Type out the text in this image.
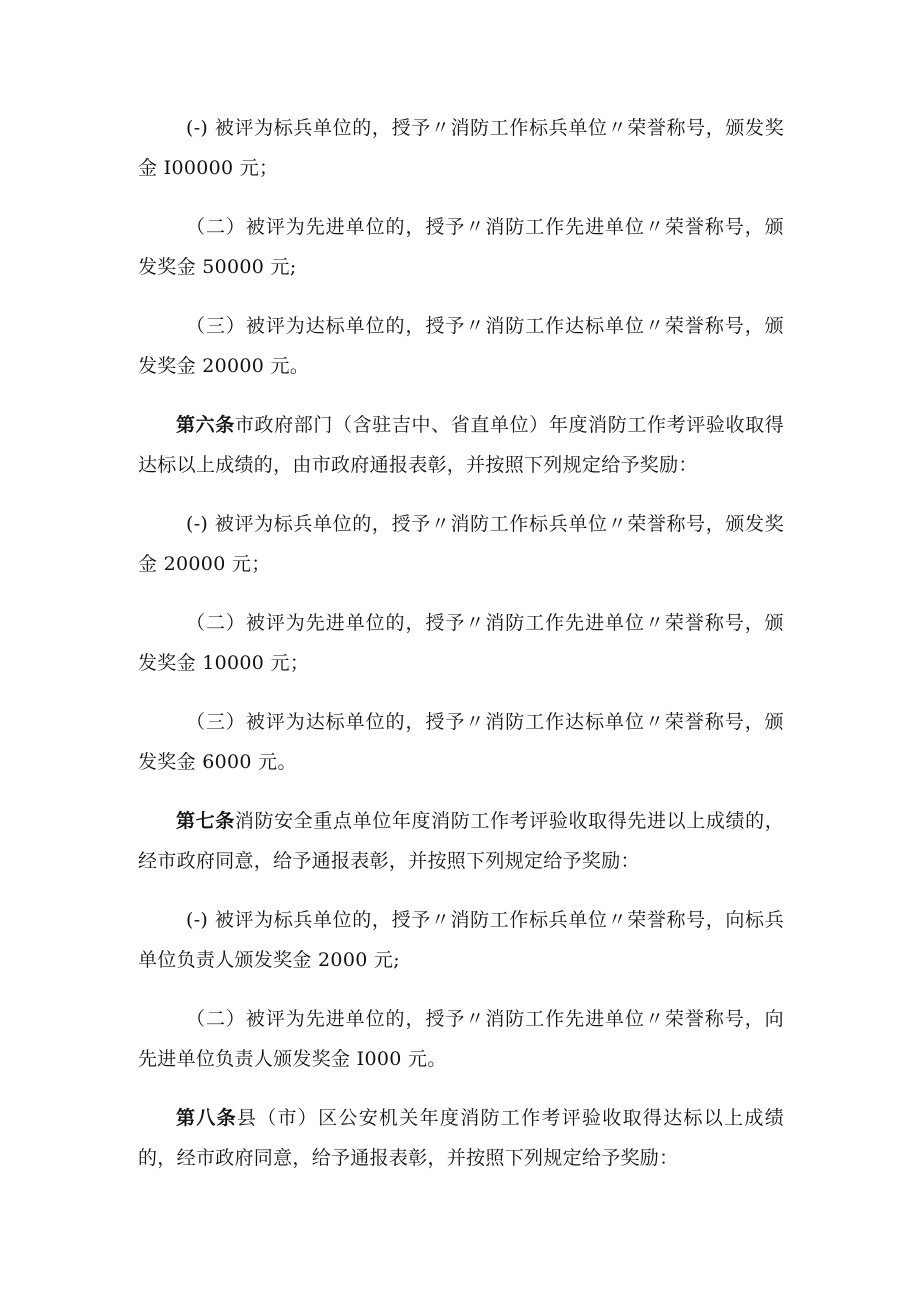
(-) 被评为标兵单位的，授予〃消防工作标兵单位〃荣誉称号，颁发奖金 I00000 元；

（二）被评为先进单位的，授予〃消防工作先进单位〃荣誉称号，颁发奖金 50000 元;

（三）被评为达标单位的，授予〃消防工作达标单位〃荣誉称号，颁发奖金 20000 元。

第六条市政府部门（含驻吉中、省直单位）年度消防工作考评验收取得达标以上成绩的，由市政府通报表彰，并按照下列规定给予奖励：

(-) 被评为标兵单位的，授予〃消防工作标兵单位〃荣誉称号，颁发奖金 20000 元；

（二）被评为先进单位的，授予〃消防工作先进单位〃荣誉称号，颁发奖金 10000 元；

（三）被评为达标单位的，授予〃消防工作达标单位〃荣誉称号，颁发奖金 6000 元。

第七条消防安全重点单位年度消防工作考评验收取得先进以上成绩的，经市政府同意，给予通报表彰，并按照下列规定给予奖励：

(-) 被评为标兵单位的，授予〃消防工作标兵单位〃荣誉称号，向标兵单位负责人颁发奖金 2000 元;

（二）被评为先进单位的，授予〃消防工作先进单位〃荣誉称号，向先进单位负责人颁发奖金 I000 元。

第八条县（市）区公安机关年度消防工作考评验收取得达标以上成绩的，经市政府同意，给予通报表彰，并按照下列规定给予奖励：
